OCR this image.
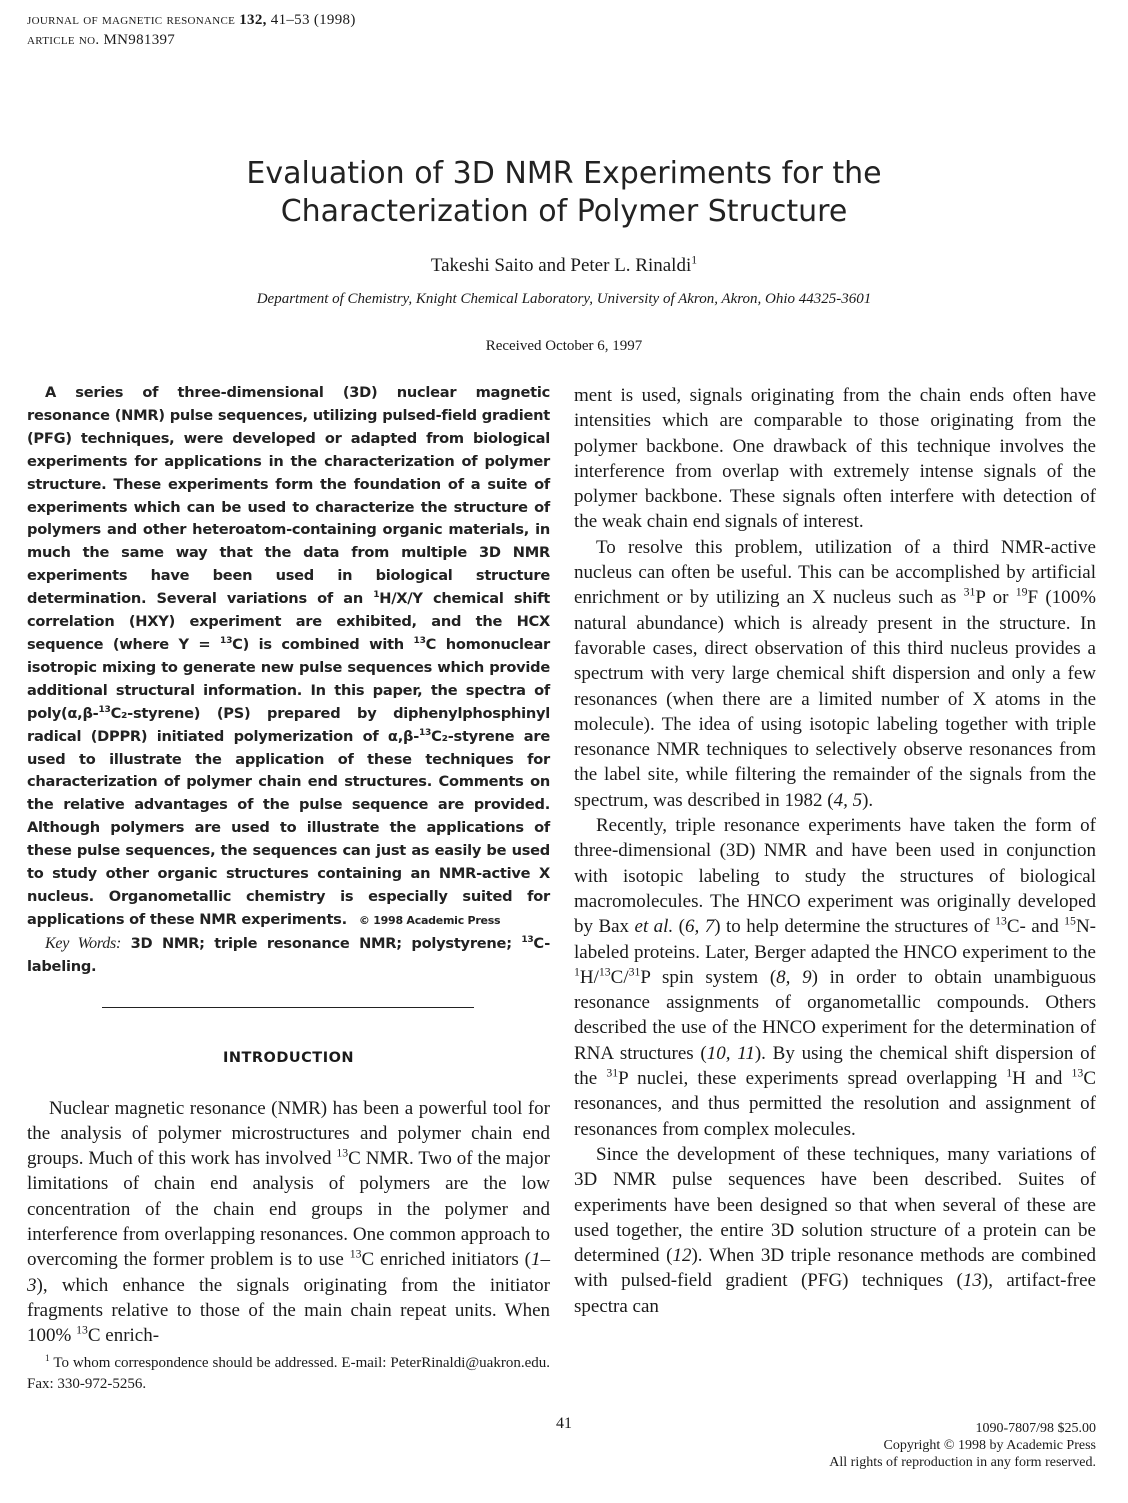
journal of magnetic resonance 132, 41–53 (1998)
article no. MN981397
Evaluation of 3D NMR Experiments for the
Characterization of Polymer Structure
Takeshi Saito and Peter L. Rinaldi$^1$
Department of Chemistry, Knight Chemical Laboratory, University of Akron, Akron, Ohio 44325-3601
Received October 6, 1997

A series of three-dimensional (3D) nuclear magnetic resonance (NMR) pulse sequences, utilizing pulsed-field gradient (PFG) techniques, were developed or adapted from biological experiments for applications in the characterization of polymer structure. These experiments form the foundation of a suite of experiments which can be used to characterize the structure of polymers and other heteroatom-containing organic materials, in much the same way that the data from multiple 3D NMR experiments have been used in biological structure determination. Several variations of an $^1$H/X/Y chemical shift correlation (HXY) experiment are exhibited, and the HCX sequence (where Y = $^{13}$C) is combined with $^{13}$C homonuclear isotropic mixing to generate new pulse sequences which provide additional structural information. In this paper, the spectra of poly(α,β-$^{13}$C₂-styrene) (PS) prepared by diphenylphosphinyl radical (DPPR) initiated polymerization of α,β-$^{13}$C₂-styrene are used to illustrate the application of these techniques for characterization of polymer chain end structures. Comments on the relative advantages of the pulse sequence are provided. Although polymers are used to illustrate the applications of these pulse sequences, the sequences can just as easily be used to study other organic structures containing an NMR-active X nucleus. Organometallic chemistry is especially suited for applications of these NMR experiments. © 1998 Academic Press

Key Words: 3D NMR; triple resonance NMR; polystyrene; $^{13}$C-labeling.

INTRODUCTION

Nuclear magnetic resonance (NMR) has been a powerful tool for the analysis of polymer microstructures and polymer chain end groups. Much of this work has involved $^{13}$C NMR. Two of the major limitations of chain end analysis of polymers are the low concentration of the chain end groups in the polymer and interference from overlapping resonances. One common approach to overcoming the former problem is to use $^{13}$C enriched initiators (1–3), which enhance the signals originating from the initiator fragments relative to those of the main chain repeat units. When 100% $^{13}$C enrich-

ment is used, signals originating from the chain ends often have intensities which are comparable to those originating from the polymer backbone. One drawback of this technique involves the interference from overlap with extremely intense signals of the polymer backbone. These signals often interfere with detection of the weak chain end signals of interest.

To resolve this problem, utilization of a third NMR-active nucleus can often be useful. This can be accomplished by artificial enrichment or by utilizing an X nucleus such as $^{31}$P or $^{19}$F (100% natural abundance) which is already present in the structure. In favorable cases, direct observation of this third nucleus provides a spectrum with very large chemical shift dispersion and only a few resonances (when there are a limited number of X atoms in the molecule). The idea of using isotopic labeling together with triple resonance NMR techniques to selectively observe resonances from the label site, while filtering the remainder of the signals from the spectrum, was described in 1982 (4, 5).

Recently, triple resonance experiments have taken the form of three-dimensional (3D) NMR and have been used in conjunction with isotopic labeling to study the structures of biological macromolecules. The HNCO experiment was originally developed by Bax et al. (6, 7) to help determine the structures of $^{13}$C- and $^{15}$N-labeled proteins. Later, Berger adapted the HNCO experiment to the $^1$H/$^{13}$C/$^{31}$P spin system (8, 9) in order to obtain unambiguous resonance assignments of organometallic compounds. Others described the use of the HNCO experiment for the determination of RNA structures (10, 11). By using the chemical shift dispersion of the $^{31}$P nuclei, these experiments spread overlapping $^1$H and $^{13}$C resonances, and thus permitted the resolution and assignment of resonances from complex molecules.

Since the development of these techniques, many variations of 3D NMR pulse sequences have been described. Suites of experiments have been designed so that when several of these are used together, the entire 3D solution structure of a protein can be determined (12). When 3D triple resonance methods are combined with pulsed-field gradient (PFG) techniques (13), artifact-free spectra can

$^1$ To whom correspondence should be addressed. E-mail: PeterRinaldi@uakron.edu. Fax: 330-972-5256.

41	1090-7807/98 $25.00
Copyright © 1998 by Academic Press
All rights of reproduction in any form reserved.
